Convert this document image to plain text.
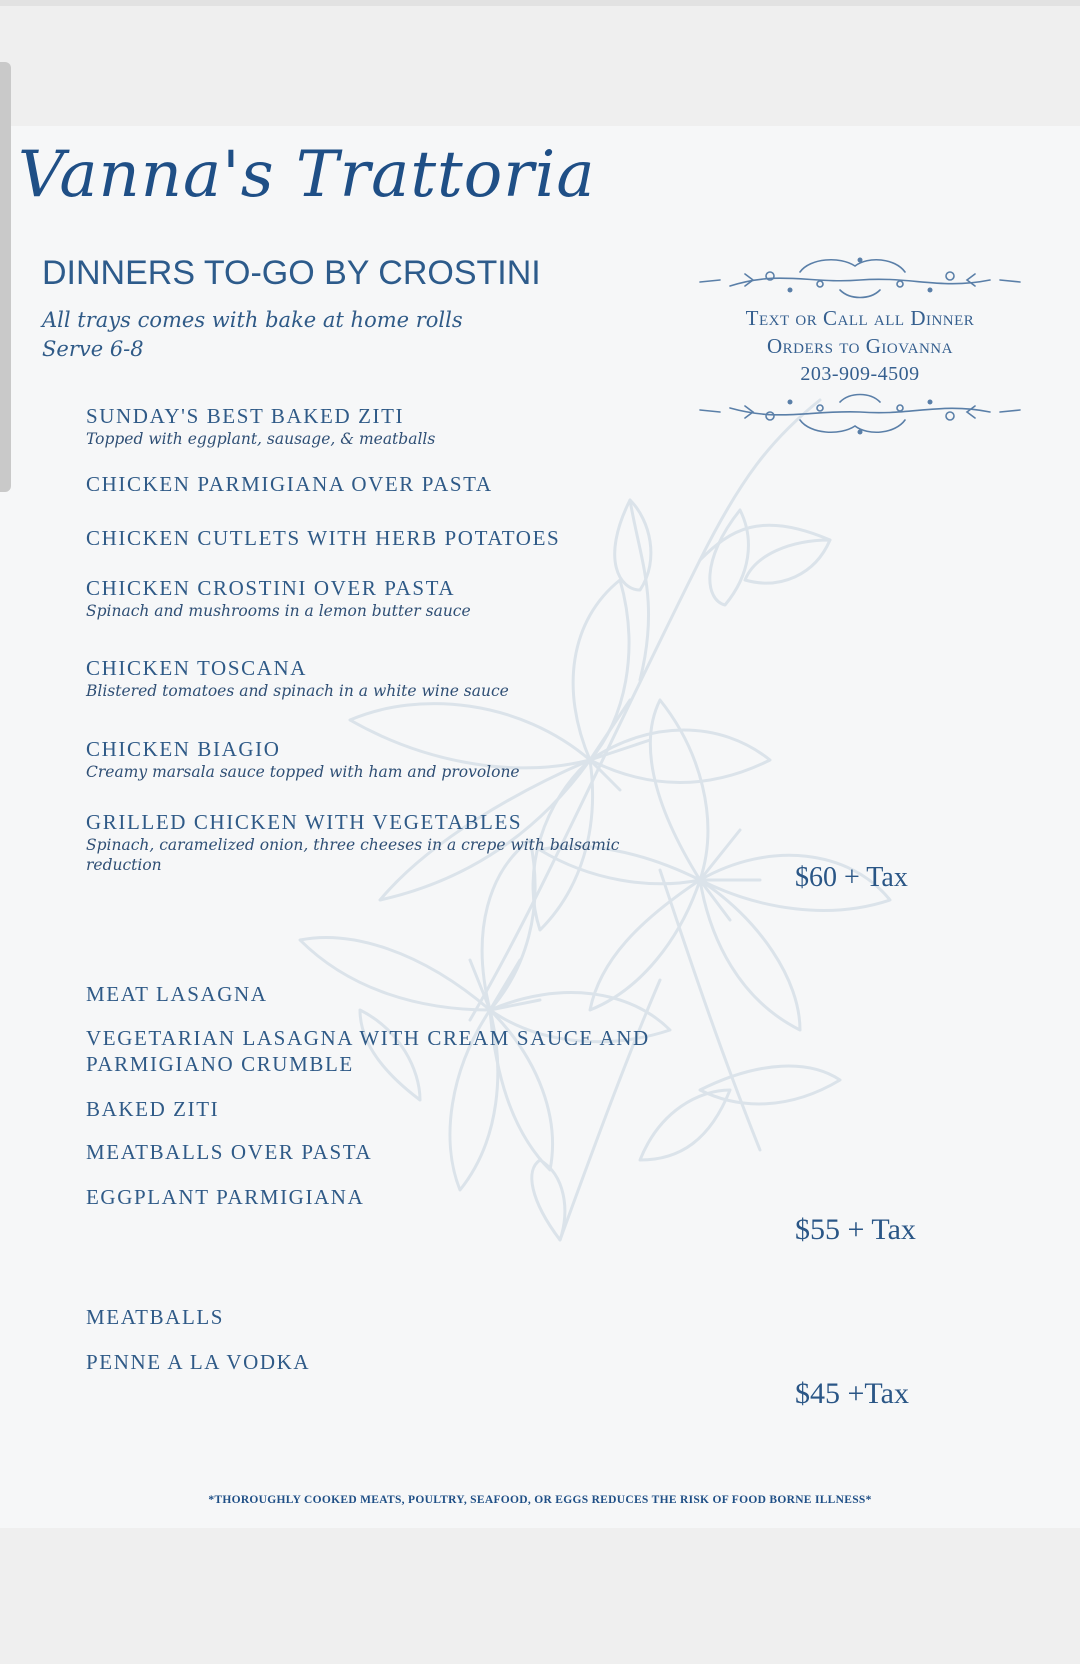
Vanna's Trattoria
DINNERS TO-GO BY CROSTINI
All trays comes with bake at home rolls
Serve 6-8
Text or Call all Dinner
Orders to Giovanna
203-909-4509
SUNDAY'S BEST BAKED ZITI
Topped with eggplant, sausage, & meatballs
CHICKEN PARMIGIANA OVER PASTA
CHICKEN CUTLETS WITH HERB POTATOES
CHICKEN CROSTINI OVER PASTA
Spinach and mushrooms in a lemon butter sauce
CHICKEN TOSCANA
Blistered tomatoes and spinach in a white wine sauce
CHICKEN BIAGIO
Creamy marsala sauce topped with ham and provolone
GRILLED CHICKEN WITH VEGETABLES
Spinach, caramelized onion, three cheeses in a crepe with balsamic reduction	$60 + Tax
MEAT LASAGNA
VEGETARIAN LASAGNA WITH CREAM SAUCE AND PARMIGIANO CRUMBLE
BAKED ZITI
MEATBALLS OVER PASTA
EGGPLANT PARMIGIANA
$55 + Tax
MEATBALLS
PENNE A LA VODKA
$45 +Tax
*THOROUGHLY COOKED MEATS, POULTRY, SEAFOOD, OR EGGS REDUCES THE RISK OF FOOD BORNE ILLNESS*
